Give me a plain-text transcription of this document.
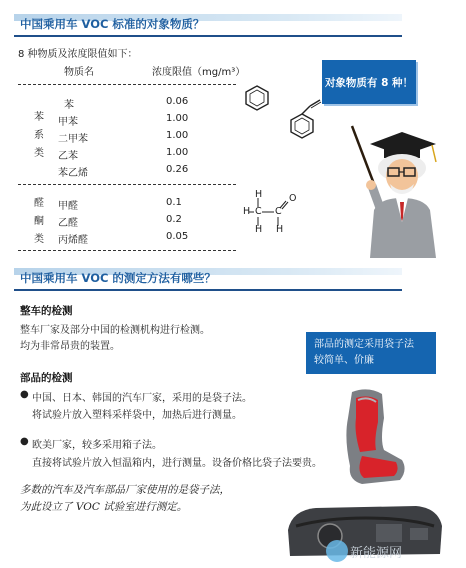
中国乘用车 VOC 标准的对象物质？
8 种物质及浓度限值如下：
物质名	浓度限值（mg/m³）
苯
系
类
苯	0.06
甲苯	1.00
二甲苯	1.00
乙苯	1.00
苯乙烯	0.26
醛
酮
类
甲醛	0.1
乙醛	0.2
丙烯醛	0.05
H
H C C
H
O
H
对象物质有 8 种！
中国乘用车 VOC 的测定方法有哪些？
整车的检测
整车厂家及部分中国的检测机构进行检测。
均为非常昂贵的装置。	部品的测定采用袋子法
较简单、价廉
部品的检测
● 中国、日本、韩国的汽车厂家，采用的是袋子法。
将试验片放入塑料采样袋中，加热后进行测量。
● 欧美厂家，较多采用箱子法。
直接将试验片放入恒温箱内，进行测量。设备价格比袋子法要贵。
多数的汽车及汽车部品厂家使用的是袋子法，
为此设立了 VOC 试验室进行测定。
新能源网
